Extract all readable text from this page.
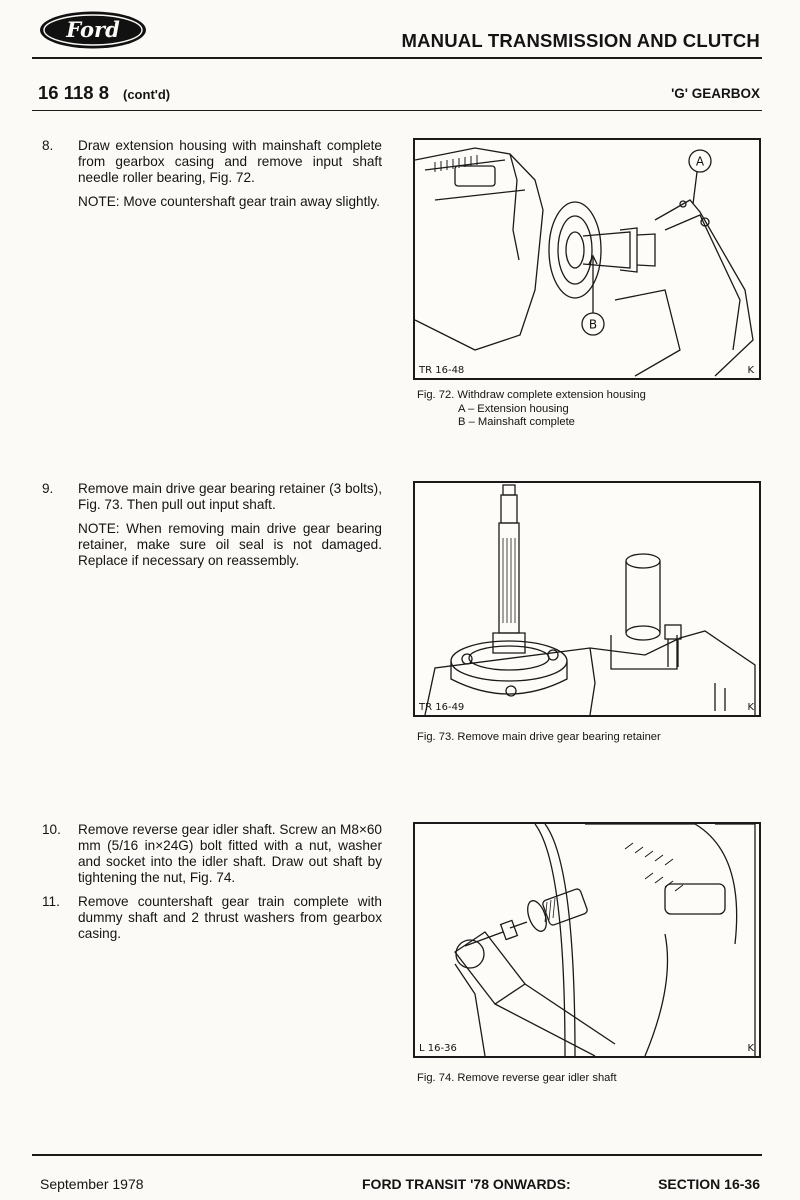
Ford	MANUAL TRANSMISSION AND CLUTCH
16 118 8 (cont'd)	'G' GEARBOX
8.	Draw extension housing with mainshaft complete from gearbox casing and remove input shaft needle roller bearing, Fig. 72.
NOTE: Move countershaft gear train away slightly.
9.	Remove main drive gear bearing retainer (3 bolts), Fig. 73. Then pull out input shaft.
NOTE: When removing main drive gear bearing retainer, make sure oil seal is not damaged. Replace if necessary on reassembly.
10.	Remove reverse gear idler shaft. Screw an M8×60 mm (5/16 in×24G) bolt fitted with a nut, washer and socket into the idler shaft. Draw out shaft by tightening the nut, Fig. 74.
11.	Remove countershaft gear train complete with dummy shaft and 2 thrust washers from gearbox casing.
A
B
TR 16-48	K
Fig. 72. Withdraw complete extension housing
A – Extension housing
B – Mainshaft complete
TR 16-49	K
Fig. 73. Remove main drive gear bearing retainer
L 16-36	K
Fig. 74. Remove reverse gear idler shaft
September 1978	FORD TRANSIT '78 ONWARDS:	SECTION 16-36
